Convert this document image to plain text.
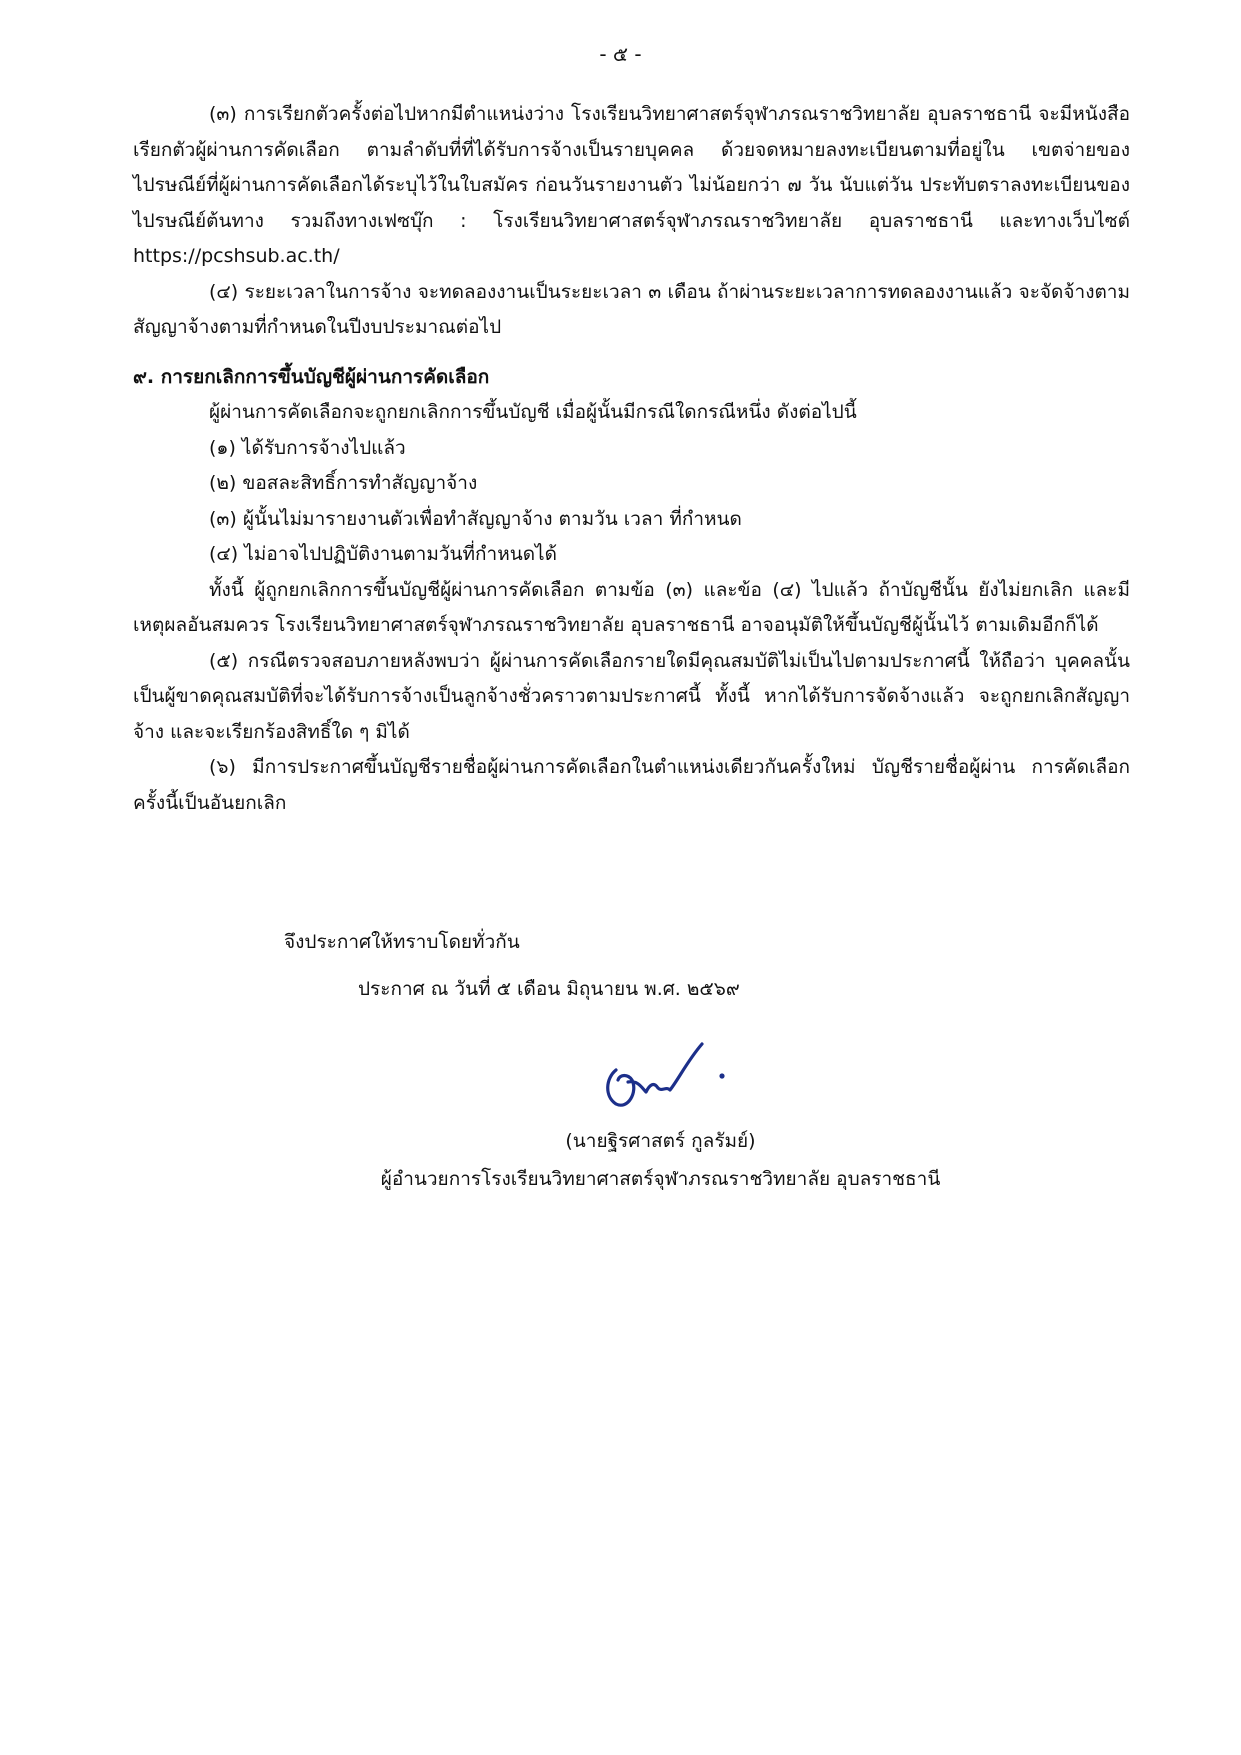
- ๕ -

(๓) การเรียกตัวครั้งต่อไปหากมีตำแหน่งว่าง โรงเรียนวิทยาศาสตร์จุฬาภรณราชวิทยาลัย อุบลราชธานี จะมีหนังสือเรียกตัวผู้ผ่านการคัดเลือก ตามลำดับที่ที่ได้รับการจ้างเป็นรายบุคคล ด้วยจดหมายลงทะเบียนตามที่อยู่ใน เขตจ่ายของไปรษณีย์ที่ผู้ผ่านการคัดเลือกได้ระบุไว้ในใบสมัคร ก่อนวันรายงานตัว ไม่น้อยกว่า ๗ วัน นับแต่วัน ประทับตราลงทะเบียนของไปรษณีย์ต้นทาง รวมถึงทางเฟซบุ๊ก : โรงเรียนวิทยาศาสตร์จุฬาภรณราชวิทยาลัย อุบลราชธานี และทางเว็บไซต์ https://pcshsub.ac.th/

(๔) ระยะเวลาในการจ้าง จะทดลองงานเป็นระยะเวลา ๓ เดือน ถ้าผ่านระยะเวลาการทดลองงานแล้ว จะจัดจ้างตามสัญญาจ้างตามที่กำหนดในปีงบประมาณต่อไป

๙. การยกเลิกการขึ้นบัญชีผู้ผ่านการคัดเลือก

ผู้ผ่านการคัดเลือกจะถูกยกเลิกการขึ้นบัญชี เมื่อผู้นั้นมีกรณีใดกรณีหนึ่ง ดังต่อไปนี้

(๑) ได้รับการจ้างไปแล้ว

(๒) ขอสละสิทธิ์การทำสัญญาจ้าง

(๓) ผู้นั้นไม่มารายงานตัวเพื่อทำสัญญาจ้าง ตามวัน เวลา ที่กำหนด

(๔) ไม่อาจไปปฏิบัติงานตามวันที่กำหนดได้

ทั้งนี้ ผู้ถูกยกเลิกการขึ้นบัญชีผู้ผ่านการคัดเลือก ตามข้อ (๓) และข้อ (๔) ไปแล้ว ถ้าบัญชีนั้น ยังไม่ยกเลิก และมีเหตุผลอันสมควร โรงเรียนวิทยาศาสตร์จุฬาภรณราชวิทยาลัย อุบลราชธานี อาจอนุมัติให้ขึ้นบัญชีผู้นั้นไว้ ตามเดิมอีกก็ได้

(๕) กรณีตรวจสอบภายหลังพบว่า ผู้ผ่านการคัดเลือกรายใดมีคุณสมบัติไม่เป็นไปตามประกาศนี้ ให้ถือว่า บุคคลนั้นเป็นผู้ขาดคุณสมบัติที่จะได้รับการจ้างเป็นลูกจ้างชั่วคราวตามประกาศนี้ ทั้งนี้ หากได้รับการจัดจ้างแล้ว จะถูกยกเลิกสัญญาจ้าง และจะเรียกร้องสิทธิ์ใด ๆ มิได้

(๖) มีการประกาศขึ้นบัญชีรายชื่อผู้ผ่านการคัดเลือกในตำแหน่งเดียวกันครั้งใหม่ บัญชีรายชื่อผู้ผ่าน การคัดเลือกครั้งนี้เป็นอันยกเลิก

จึงประกาศให้ทราบโดยทั่วกัน
ประกาศ ณ วันที่ ๕ เดือน มิถุนายน พ.ศ. ๒๕๖๙
(นายฐิรศาสตร์ กูลรัมย์)
ผู้อำนวยการโรงเรียนวิทยาศาสตร์จุฬาภรณราชวิทยาลัย อุบลราชธานี
